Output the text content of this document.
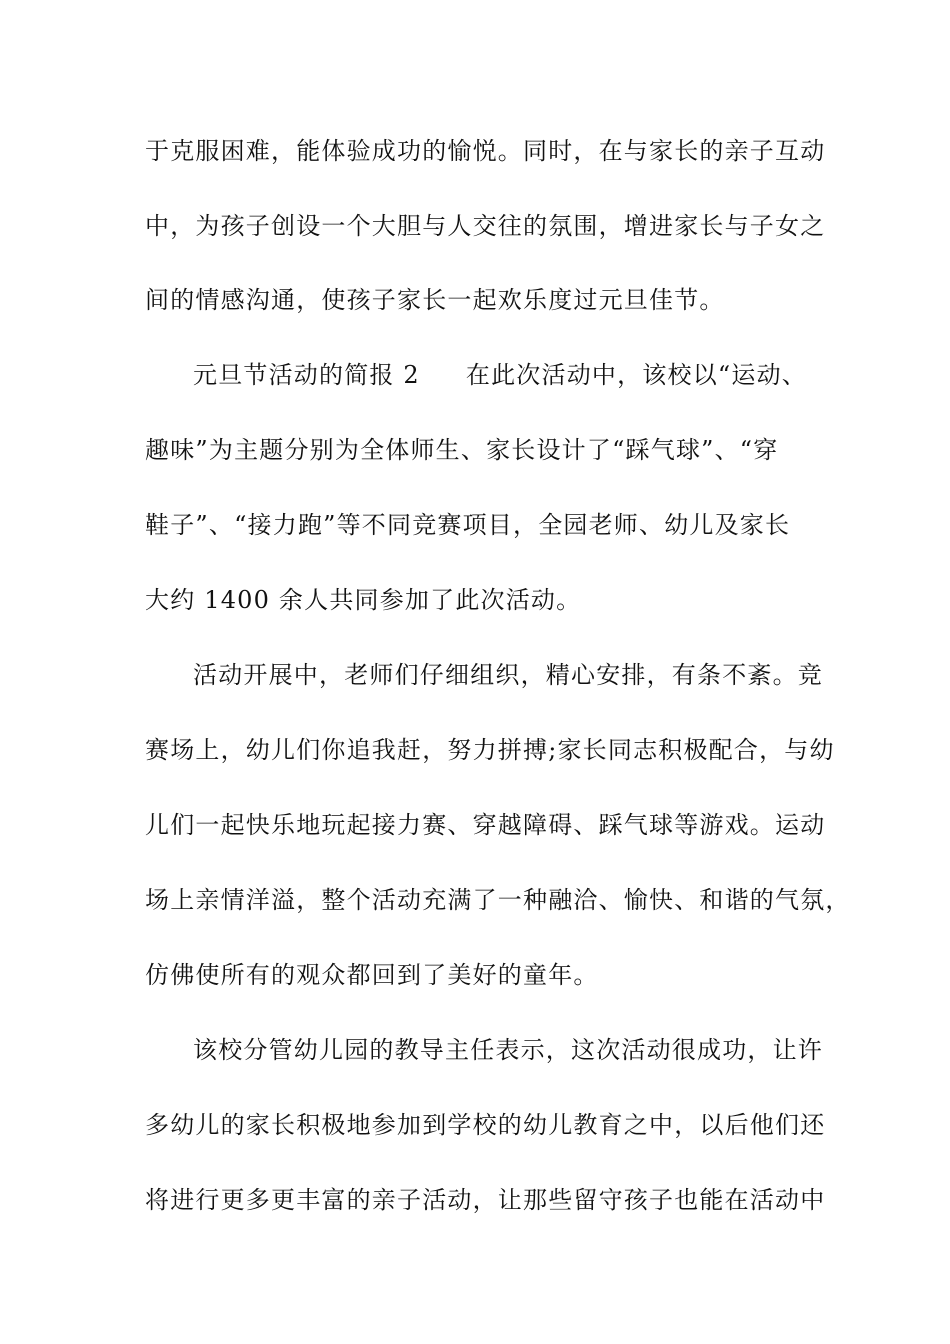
于克服困难，能体验成功的愉悦。同时，在与家长的亲子互动
中，为孩子创设一个大胆与人交往的氛围，增进家长与子女之
间的情感沟通，使孩子家长一起欢乐度过元旦佳节。
元旦节活动的简报 2 在此次活动中，该校以“运动、
趣味”为主题分别为全体师生、家长设计了“踩气球”、“穿
鞋子”、“接力跑”等不同竞赛项目，全园老师、幼儿及家长
大约 1400 余人共同参加了此次活动。
活动开展中，老师们仔细组织，精心安排，有条不紊。竞
赛场上，幼儿们你追我赶，努力拼搏;家长同志积极配合，与幼
儿们一起快乐地玩起接力赛、穿越障碍、踩气球等游戏。运动
场上亲情洋溢，整个活动充满了一种融洽、愉快、和谐的气氛，
仿佛使所有的观众都回到了美好的童年。
该校分管幼儿园的教导主任表示，这次活动很成功，让许
多幼儿的家长积极地参加到学校的幼儿教育之中，以后他们还
将进行更多更丰富的亲子活动，让那些留守孩子也能在活动中
